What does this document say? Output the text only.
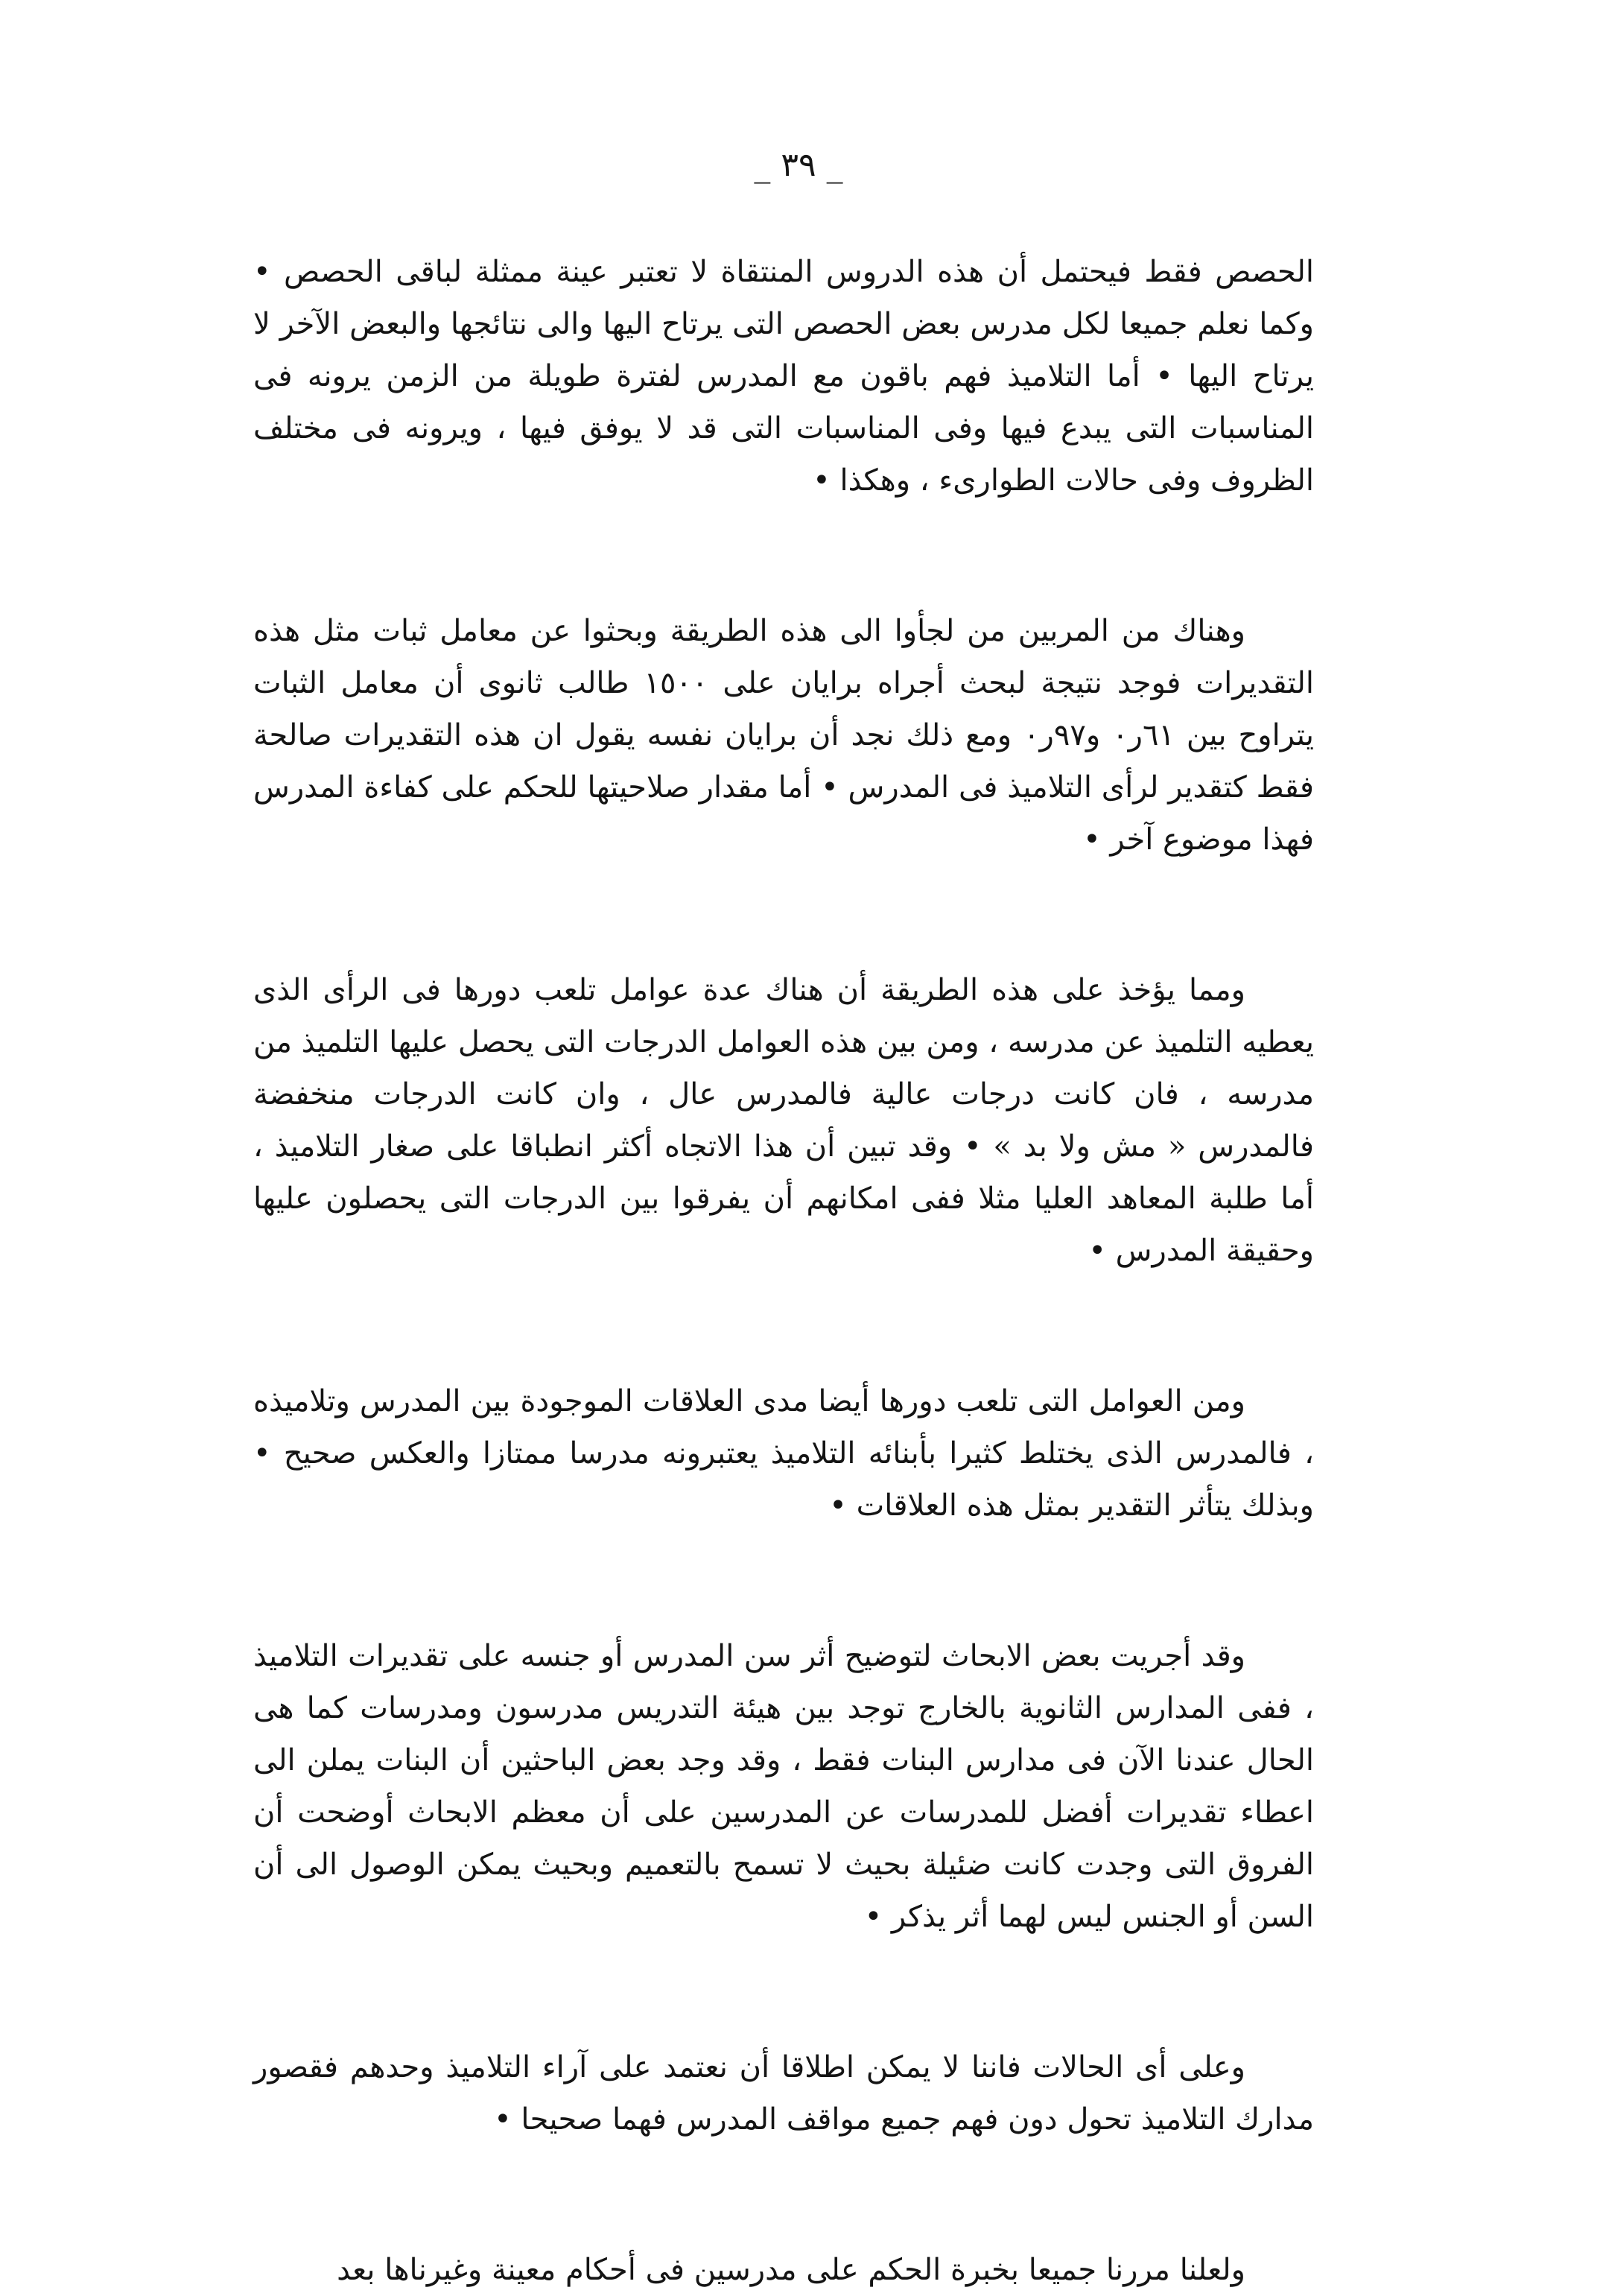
_ ٣٩ _

الحصص فقط فيحتمل أن هذه الدروس المنتقاة لا تعتبر عينة ممثلة لباقى الحصص • وكما نعلم جميعا لكل مدرس بعض الحصص التى يرتاح اليها والى نتائجها والبعض الآخر لا يرتاح اليها • أما التلاميذ فهم باقون مع المدرس لفترة طويلة من الزمن يرونه فى المناسبات التى يبدع فيها وفى المناسبات التى قد لا يوفق فيها ، ويرونه فى مختلف الظروف وفى حالات الطوارىء ، وهكذا •

وهناك من المربين من لجأوا الى هذه الطريقة وبحثوا عن معامل ثبات مثل هذه التقديرات فوجد نتيجة لبحث أجراه برايان على ١٥٠٠ طالب ثانوى أن معامل الثبات يتراوح بين ٦١ر٠ و٩٧ر٠ ومع ذلك نجد أن برايان نفسه يقول ان هذه التقديرات صالحة فقط كتقدير لرأى التلاميذ فى المدرس • أما مقدار صلاحيتها للحكم على كفاءة المدرس فهذا موضوع آخر •

ومما يؤخذ على هذه الطريقة أن هناك عدة عوامل تلعب دورها فى الرأى الذى يعطيه التلميذ عن مدرسه ، ومن بين هذه العوامل الدرجات التى يحصل عليها التلميذ من مدرسه ، فان كانت درجات عالية فالمدرس عال ، وان كانت الدرجات منخفضة فالمدرس « مش ولا بد » • وقد تبين أن هذا الاتجاه أكثر انطباقا على صغار التلاميذ ، أما طلبة المعاهد العليا مثلا ففى امكانهم أن يفرقوا بين الدرجات التى يحصلون عليها وحقيقة المدرس •

ومن العوامل التى تلعب دورها أيضا مدى العلاقات الموجودة بين المدرس وتلاميذه ، فالمدرس الذى يختلط كثيرا بأبنائه التلاميذ يعتبرونه مدرسا ممتازا والعكس صحيح • وبذلك يتأثر التقدير بمثل هذه العلاقات •

وقد أجريت بعض الابحاث لتوضيح أثر سن المدرس أو جنسه على تقديرات التلاميذ ، ففى المدارس الثانوية بالخارج توجد بين هيئة التدريس مدرسون ومدرسات كما هى الحال عندنا الآن فى مدارس البنات فقط ، وقد وجد بعض الباحثين أن البنات يملن الى اعطاء تقديرات أفضل للمدرسات عن المدرسين على أن معظم الابحاث أوضحت أن الفروق التى وجدت كانت ضئيلة بحيث لا تسمح بالتعميم وبحيث يمكن الوصول الى أن السن أو الجنس ليس لهما أثر يذكر •

وعلى أى الحالات فاننا لا يمكن اطلاقا أن نعتمد على آراء التلاميذ وحدهم فقصور مدارك التلاميذ تحول دون فهم جميع مواقف المدرس فهما صحيحا •

ولعلنا مررنا جميعا بخبرة الحكم على مدرسين فى أحكام معينة وغيرناها بعد
